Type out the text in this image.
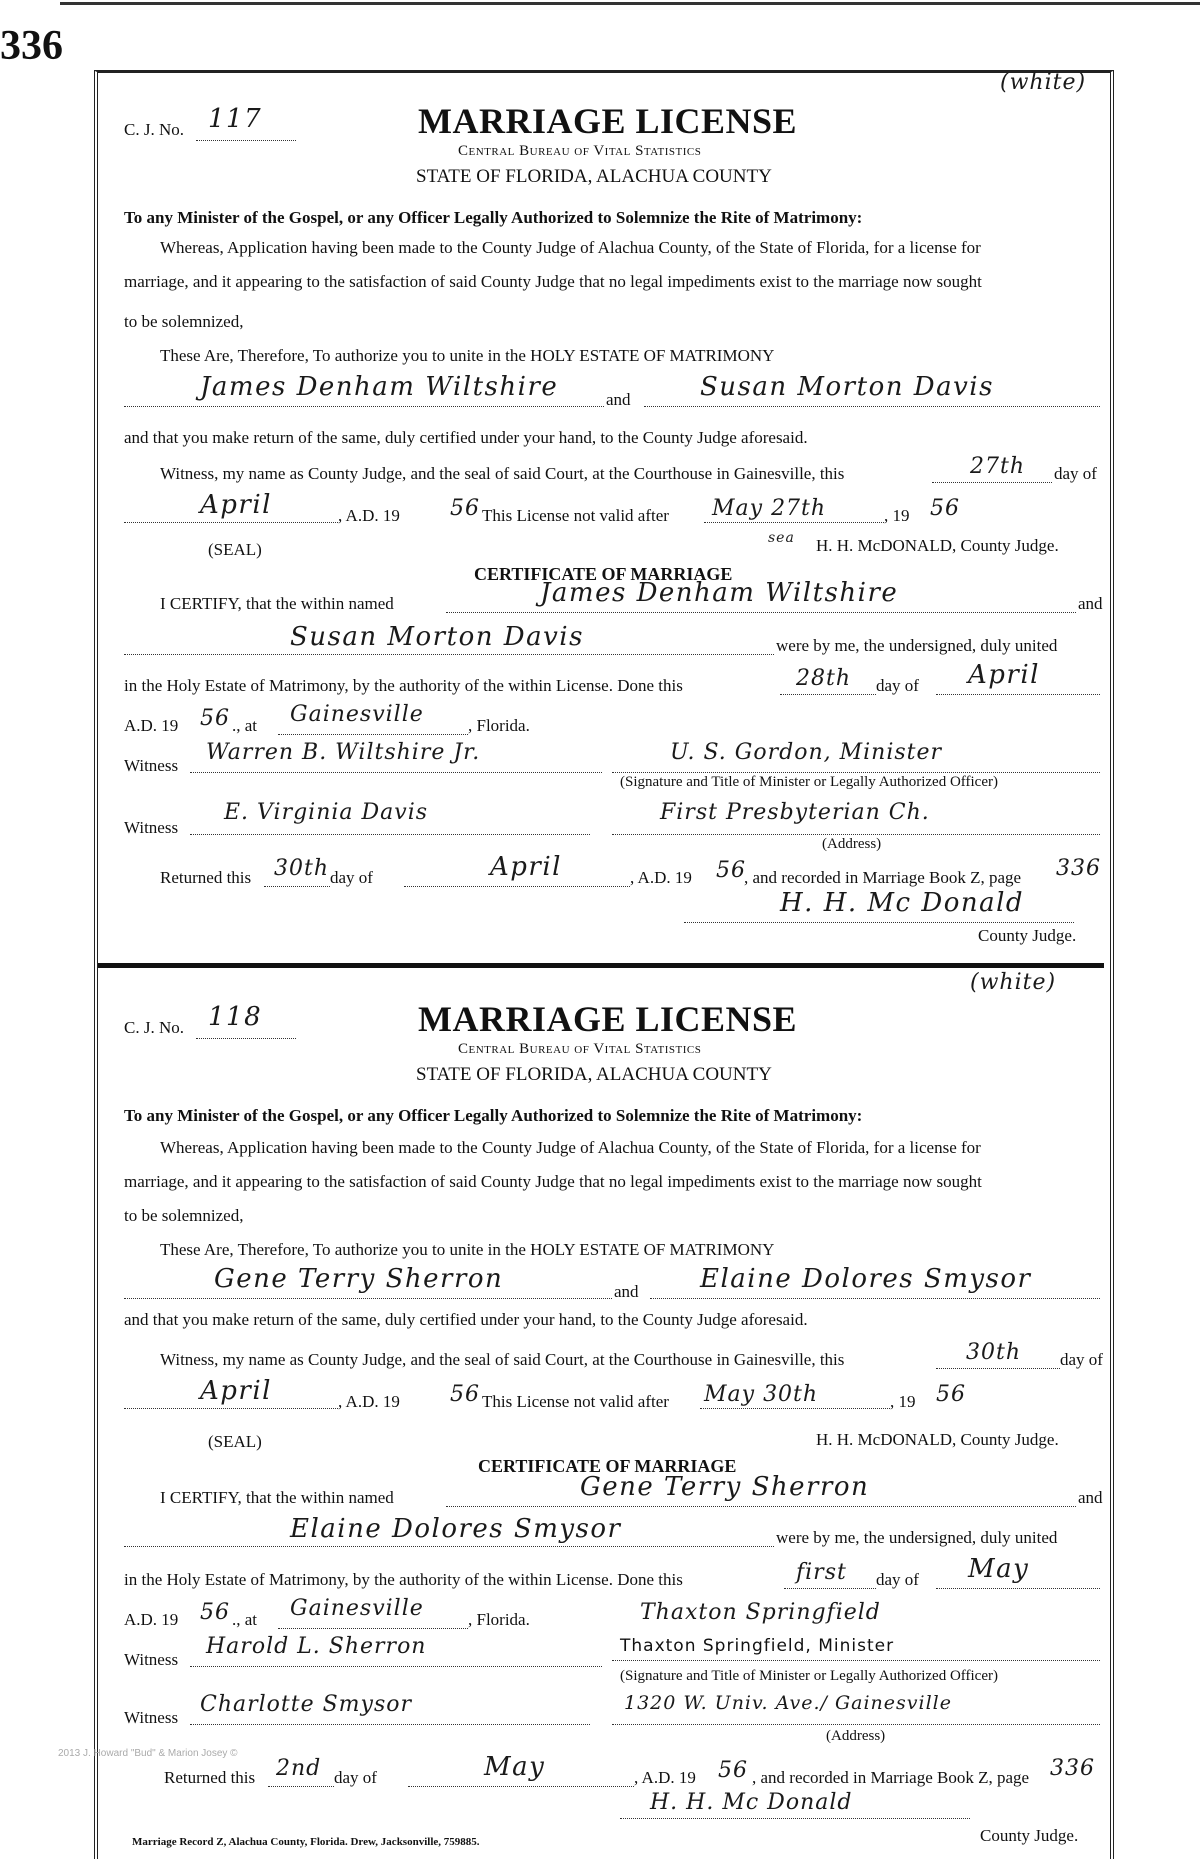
336
(white)
C. J. No. 117	MARRIAGE LICENSE
Central Bureau of Vital Statistics
STATE OF FLORIDA, ALACHUA COUNTY
To any Minister of the Gospel, or any Officer Legally Authorized to Solemnize the Rite of Matrimony:
Whereas, Application having been made to the County Judge of Alachua County, of the State of Florida, for a license for
marriage, and it appearing to the satisfaction of said County Judge that no legal impediments exist to the marriage now sought
to be solemnized,
These Are, Therefore, To authorize you to unite in the HOLY ESTATE OF MATRIMONY
James Denham Wiltshire	and	Susan Morton Davis
and that you make return of the same, duly certified under your hand, to the County Judge aforesaid.
Witness, my name as County Judge, and the seal of said Court, at the Courthouse in Gainesville, this	27th day of
April	, A.D. 19 56 This License not valid after May 27th	, 19 56
(SEAL)	H. H. McDONALD, County Judge.
sea
CERTIFICATE OF MARRIAGE
I CERTIFY, that the within named	James Denham Wiltshire	and
Susan Morton Davis	were by me, the undersigned, duly united
in the Holy Estate of Matrimony, by the authority of the within License. Done this	28th day of April
A.D. 19 56 ., at Gainesville	, Florida.
Witness
Warren B. Wiltshire Jr.	U. S. Gordon, Minister
(Signature and Title of Minister or Legally Authorized Officer)
Witness
E. Virginia Davis	First Presbyterian Ch.
(Address)
Returned this 30th day of	April	, A.D. 19 56
, and recorded in Marriage Book Z, page 336
H. H. Mc Donald
County Judge.
(white)
C. J. No. 118	MARRIAGE LICENSE
Central Bureau of Vital Statistics
STATE OF FLORIDA, ALACHUA COUNTY
To any Minister of the Gospel, or any Officer Legally Authorized to Solemnize the Rite of Matrimony:
Whereas, Application having been made to the County Judge of Alachua County, of the State of Florida, for a license for
marriage, and it appearing to the satisfaction of said County Judge that no legal impediments exist to the marriage now sought
to be solemnized,
These Are, Therefore, To authorize you to unite in the HOLY ESTATE OF MATRIMONY
Gene Terry Sherron	and Elaine Dolores Smysor
and that you make return of the same, duly certified under your hand, to the County Judge aforesaid.
Witness, my name as County Judge, and the seal of said Court, at the Courthouse in Gainesville, this	30th day of
April	, A.D. 19 56 This License not valid after May 30th	, 19 56
(SEAL)	H. H. McDONALD, County Judge.
CERTIFICATE OF MARRIAGE
I CERTIFY, that the within named	Gene Terry Sherron	and
Elaine Dolores Smysor	were by me, the undersigned, duly united
in the Holy Estate of Matrimony, by the authority of the within License. Done this	first day of May
A.D. 19 56 ., at Gainesville	, Florida.	Thaxton Springfield
Witness
Harold L. Sherron	Thaxton Springfield, Minister
(Signature and Title of Minister or Legally Authorized Officer)
Witness
Charlotte Smysor	1320 W. Univ. Ave./ Gainesville
(Address)
2013 J. Howard "Bud" & Marion Josey ©
Returned this 2nd day of	May	, A.D. 19 56 , and recorded in Marriage Book Z, page 336
H. H. Mc Donald
County Judge.
Marriage Record Z, Alachua County, Florida. Drew, Jacksonville, 759885.
